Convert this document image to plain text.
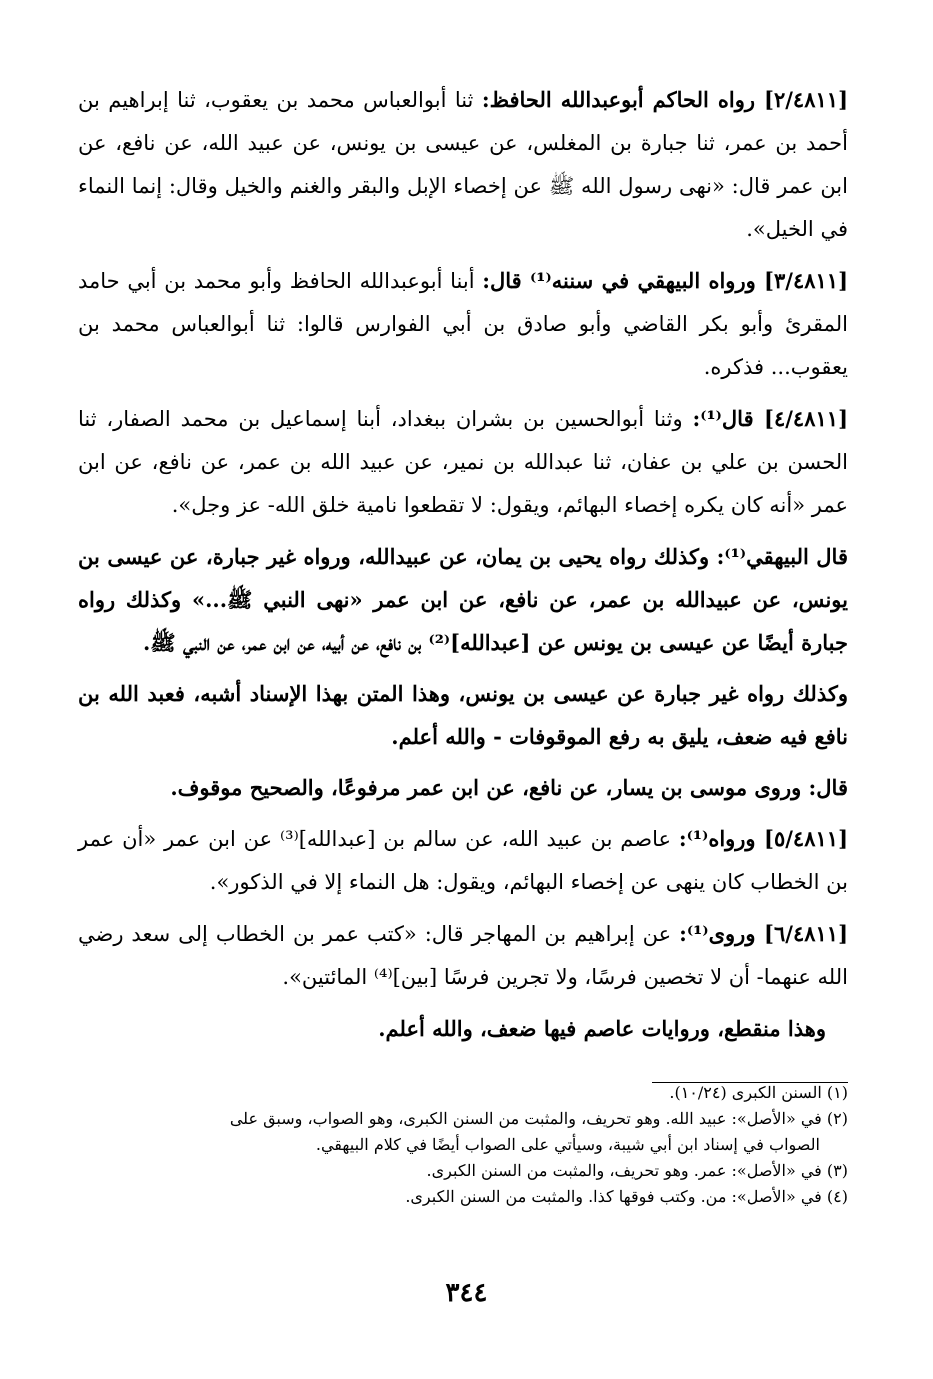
[٢/٤٨١١] رواه الحاكم أبوعبدالله الحافظ: ثنا أبوالعباس محمد بن يعقوب، ثنا إبراهيم بن أحمد بن عمر، ثنا جبارة بن المغلس، عن عيسى بن يونس، عن عبيد الله، عن نافع، عن ابن عمر قال: «نهى رسول الله ﷺ عن إخصاء الإبل والبقر والغنم والخيل وقال: إنما النماء في الخيل».

[٣/٤٨١١] ورواه البيهقي في سننه⁽¹⁾ قال: أبنا أبوعبدالله الحافظ وأبو محمد بن أبي حامد المقرئ وأبو بكر القاضي وأبو صادق بن أبي الفوارس قالوا: ثنا أبوالعباس محمد بن يعقوب... فذكره.

[٤/٤٨١١] قال⁽¹⁾: وثنا أبوالحسين بن بشران ببغداد، أبنا إسماعيل بن محمد الصفار، ثنا الحسن بن علي بن عفان، ثنا عبدالله بن نمير، عن عبيد الله بن عمر، عن نافع، عن ابن عمر «أنه كان يكره إخصاء البهائم، ويقول: لا تقطعوا نامية خلق الله- عز وجل».

قال البيهقي⁽¹⁾: وكذلك رواه يحيى بن يمان، عن عبيدالله، ورواه غير جبارة، عن عيسى بن يونس، عن عبيدالله بن عمر، عن نافع، عن ابن عمر «نهى النبي ﷺ...» وكذلك رواه جبارة أيضًا عن عيسى بن يونس عن [عبدالله]⁽²⁾ بن نافع، عن أبيه، عن ابن عمر، عن النبي ﷺ.

وكذلك رواه غير جبارة عن عيسى بن يونس، وهذا المتن بهذا الإسناد أشبه، فعبد الله بن نافع فيه ضعف، يليق به رفع الموقوفات - والله أعلم.

قال: وروى موسى بن يسار، عن نافع، عن ابن عمر مرفوعًا، والصحيح موقوف.

[٥/٤٨١١] ورواه⁽¹⁾: عاصم بن عبيد الله، عن سالم بن [عبدالله]⁽³⁾ عن ابن عمر «أن عمر بن الخطاب كان ينهى عن إخصاء البهائم، ويقول: هل النماء إلا في الذكور».

[٦/٤٨١١] وروى⁽¹⁾: عن إبراهيم بن المهاجر قال: «كتب عمر بن الخطاب إلى سعد رضي الله عنهما- أن لا تخصين فرسًا، ولا تجرين فرسًا [بين]⁽⁴⁾ المائتين».

وهذا منقطع، وروايات عاصم فيها ضعف، والله أعلم.

(١) السنن الكبرى (١٠/٢٤).

(٢) في «الأصل»: عبيد الله. وهو تحريف، والمثبت من السنن الكبرى، وهو الصواب، وسبق على

الصواب في إسناد ابن أبي شيبة، وسيأتي على الصواب أيضًا في كلام البيهقي.

(٣) في «الأصل»: عمر. وهو تحريف، والمثبت من السنن الكبرى.

(٤) في «الأصل»: من. وكتب فوقها كذا. والمثبت من السنن الكبرى.

٣٤٤
